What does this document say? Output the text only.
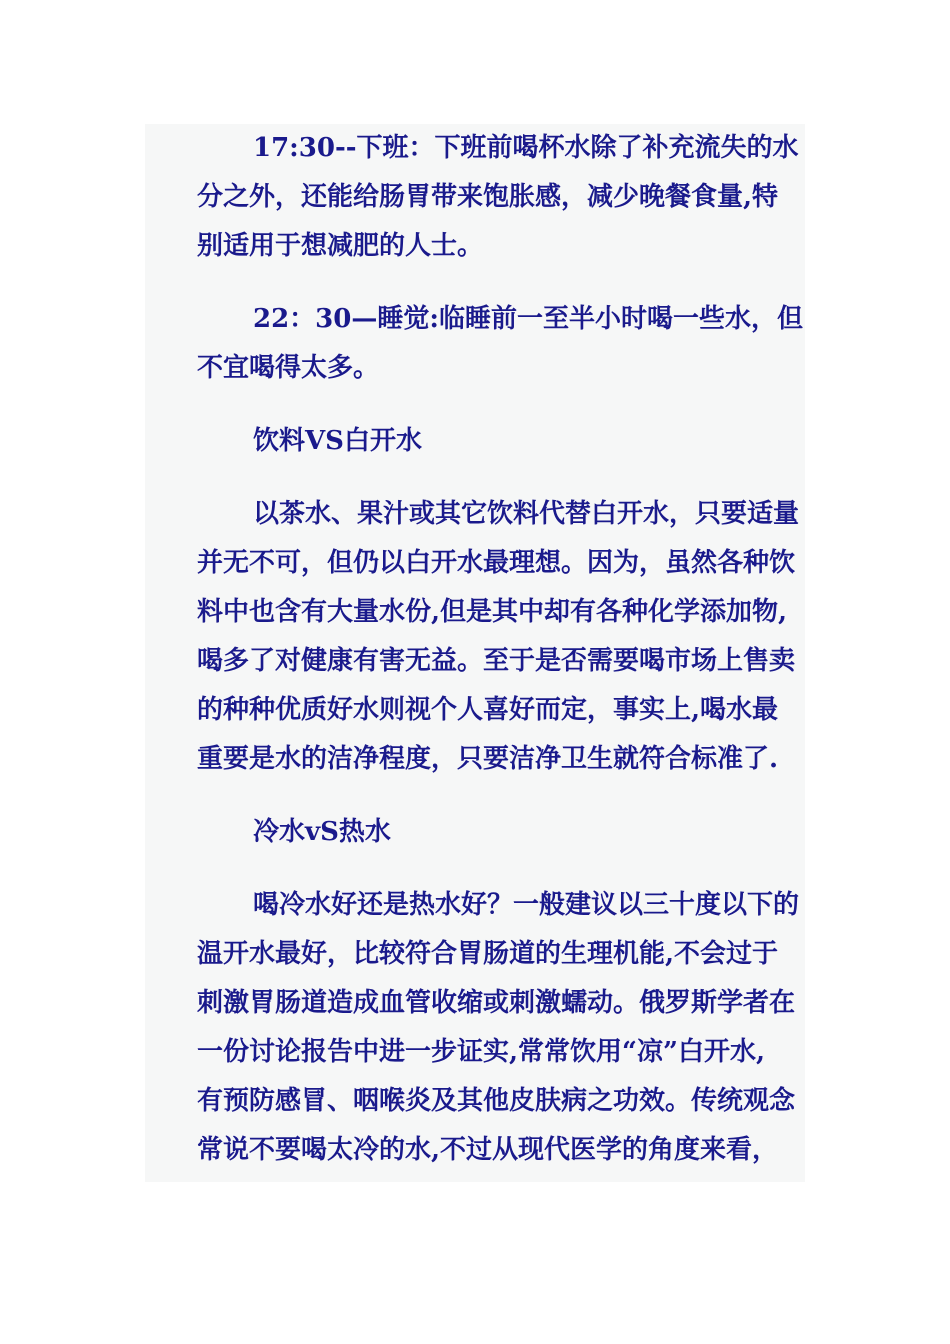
17:30--下班：下班前喝杯水除了补充流失的水
分之外，还能给肠胃带来饱胀感，减少晚餐食量,特
别适用于想减肥的人士。
22：30—睡觉:临睡前一至半小时喝一些水，但
不宜喝得太多。
饮料VS白开水
以茶水、果汁或其它饮料代替白开水，只要适量
并无不可，但仍以白开水最理想。因为，虽然各种饮
料中也含有大量水份,但是其中却有各种化学添加物,
喝多了对健康有害无益。至于是否需要喝市场上售卖
的种种优质好水则视个人喜好而定，事实上,喝水最
重要是水的洁净程度，只要洁净卫生就符合标准了.
冷水vS热水
喝冷水好还是热水好？一般建议以三十度以下的
温开水最好，比较符合胃肠道的生理机能,不会过于
刺激胃肠道造成血管收缩或刺激蠕动。俄罗斯学者在
一份讨论报告中进一步证实,常常饮用“凉”白开水,
有预防感冒、咽喉炎及其他皮肤病之功效。传统观念
常说不要喝太冷的水,不过从现代医学的角度来看，
